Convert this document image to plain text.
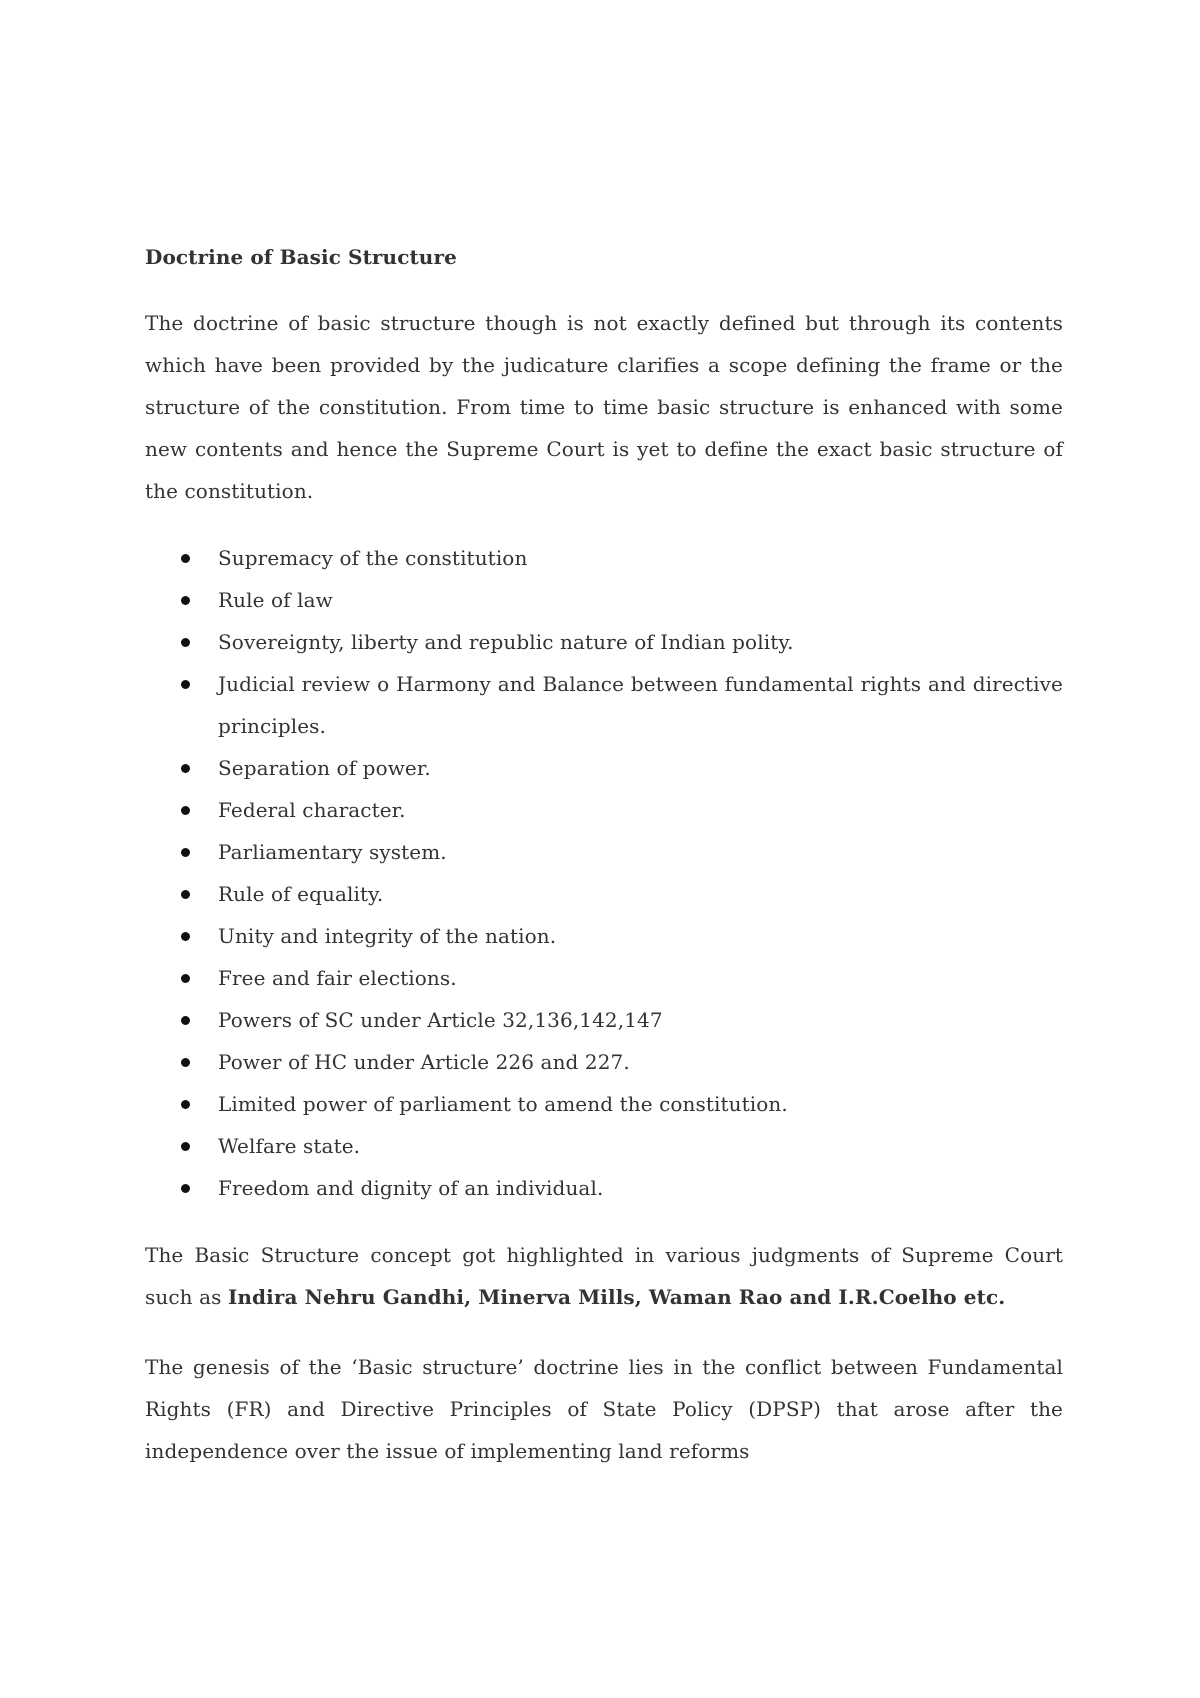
Doctrine of Basic Structure

The doctrine of basic structure though is not exactly defined but through its contents which have been provided by the judicature clarifies a scope defining the frame or the structure of the constitution. From time to time basic structure is enhanced with some new contents and hence the Supreme Court is yet to define the exact basic structure of the constitution.

Supremacy of the constitution
Rule of law
Sovereignty, liberty and republic nature of Indian polity.
Judicial review o Harmony and Balance between fundamental rights and directive principles.
Separation of power.
Federal character.
Parliamentary system.
Rule of equality.
Unity and integrity of the nation.
Free and fair elections.
Powers of SC under Article 32,136,142,147
Power of HC under Article 226 and 227.
Limited power of parliament to amend the constitution.
Welfare state.
Freedom and dignity of an individual.

The Basic Structure concept got highlighted in various judgments of Supreme Court such as Indira Nehru Gandhi, Minerva Mills, Waman Rao and I.R.Coelho etc.

The genesis of the ‘Basic structure’ doctrine lies in the conflict between Fundamental Rights (FR) and Directive Principles of State Policy (DPSP) that arose after the independence over the issue of implementing land reforms
